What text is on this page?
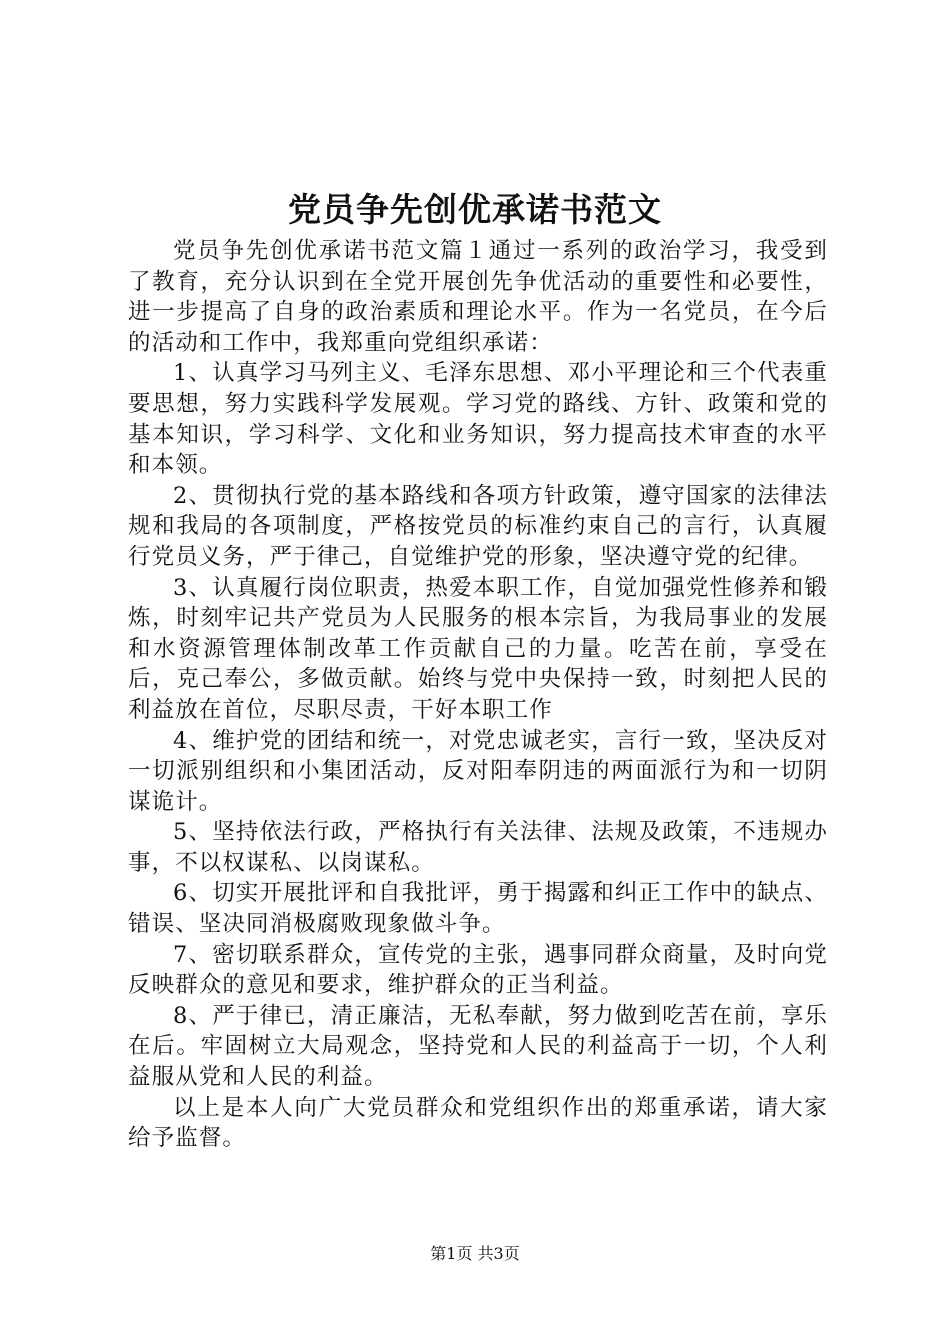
党员争先创优承诺书范文

党员争先创优承诺书范文篇１通过一系列的政治学习，我受到了教育，充分认识到在全党开展创先争优活动的重要性和必要性，进一步提高了自身的政治素质和理论水平。作为一名党员，在今后的活动和工作中，我郑重向党组织承诺：

1、认真学习马列主义、毛泽东思想、邓小平理论和三个代表重要思想，努力实践科学发展观。学习党的路线、方针、政策和党的基本知识，学习科学、文化和业务知识，努力提高技术审查的水平和本领。

2、贯彻执行党的基本路线和各项方针政策，遵守国家的法律法规和我局的各项制度，严格按党员的标准约束自己的言行，认真履行党员义务，严于律己，自觉维护党的形象，坚决遵守党的纪律。

3、认真履行岗位职责，热爱本职工作，自觉加强党性修养和锻炼，时刻牢记共产党员为人民服务的根本宗旨，为我局事业的发展和水资源管理体制改革工作贡献自己的力量。吃苦在前，享受在后，克己奉公，多做贡献。始终与党中央保持一致，时刻把人民的利益放在首位，尽职尽责，干好本职工作

4、维护党的团结和统一，对党忠诚老实，言行一致，坚决反对一切派别组织和小集团活动，反对阳奉阴违的两面派行为和一切阴谋诡计。

5、坚持依法行政，严格执行有关法律、法规及政策，不违规办事，不以权谋私、以岗谋私。

6、切实开展批评和自我批评，勇于揭露和纠正工作中的缺点、错误、坚决同消极腐败现象做斗争。

7、密切联系群众，宣传党的主张，遇事同群众商量，及时向党反映群众的意见和要求，维护群众的正当利益。

8、严于律已，清正廉洁，无私奉献，努力做到吃苦在前，享乐在后。牢固树立大局观念，坚持党和人民的利益高于一切，个人利益服从党和人民的利益。

以上是本人向广大党员群众和党组织作出的郑重承诺，请大家给予监督。

第1页 共3页
